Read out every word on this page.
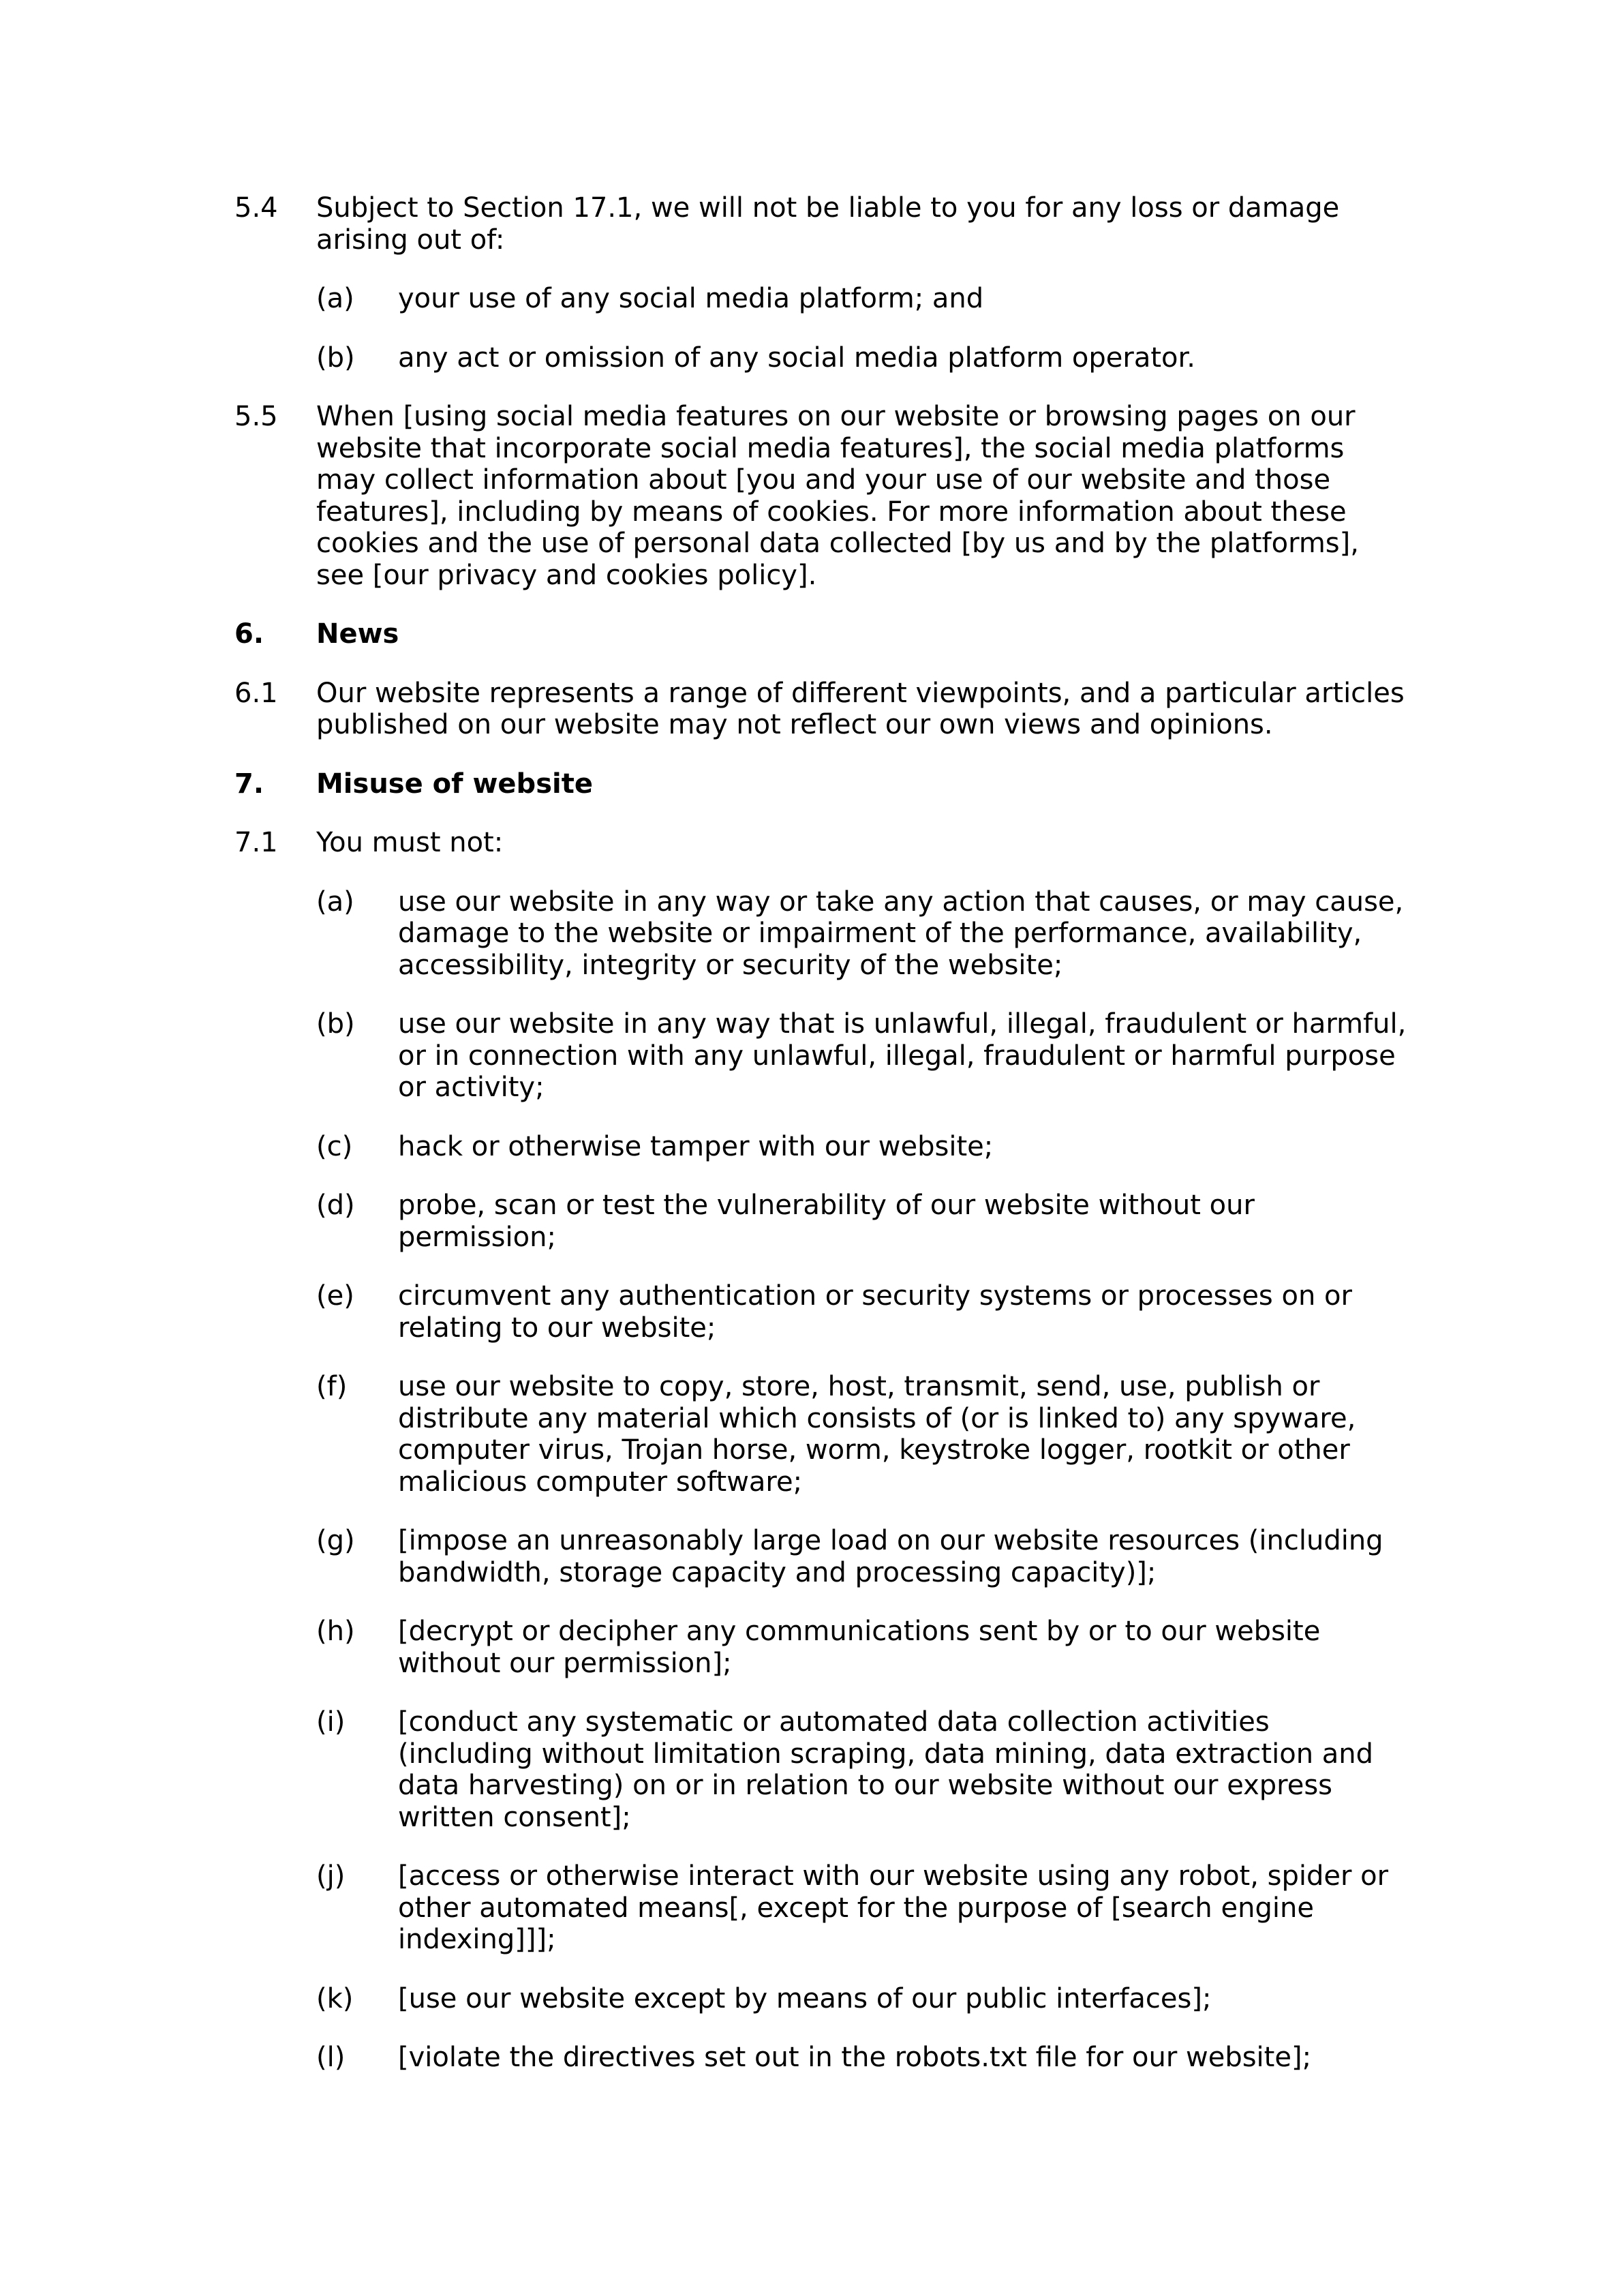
5.4 Subject to Section 17.1, we will not be liable to you for any loss or damage arising out of:
(a) your use of any social media platform; and
(b) any act or omission of any social media platform operator.
5.5 When [using social media features on our website or browsing pages on our website that incorporate social media features], the social media platforms may collect information about [you and your use of our website and those features], including by means of cookies. For more information about these cookies and the use of personal data collected [by us and by the platforms], see [our privacy and cookies policy].
6. News
6.1 Our website represents a range of different viewpoints, and a particular articles published on our website may not reflect our own views and opinions.
7. Misuse of website
7.1 You must not:
(a) use our website in any way or take any action that causes, or may cause, damage to the website or impairment of the performance, availability, accessibility, integrity or security of the website;
(b) use our website in any way that is unlawful, illegal, fraudulent or harmful, or in connection with any unlawful, illegal, fraudulent or harmful purpose or activity;
(c) hack or otherwise tamper with our website;
(d) probe, scan or test the vulnerability of our website without our permission;
(e) circumvent any authentication or security systems or processes on or relating to our website;
(f) use our website to copy, store, host, transmit, send, use, publish or distribute any material which consists of (or is linked to) any spyware, computer virus, Trojan horse, worm, keystroke logger, rootkit or other malicious computer software;
(g) [impose an unreasonably large load on our website resources (including bandwidth, storage capacity and processing capacity)];
(h) [decrypt or decipher any communications sent by or to our website without our permission];
(i) [conduct any systematic or automated data collection activities (including without limitation scraping, data mining, data extraction and data harvesting) on or in relation to our website without our express written consent];
(j) [access or otherwise interact with our website using any robot, spider or other automated means[, except for the purpose of [search engine indexing]]];
(k) [use our website except by means of our public interfaces];
(l) [violate the directives set out in the robots.txt file for our website];
